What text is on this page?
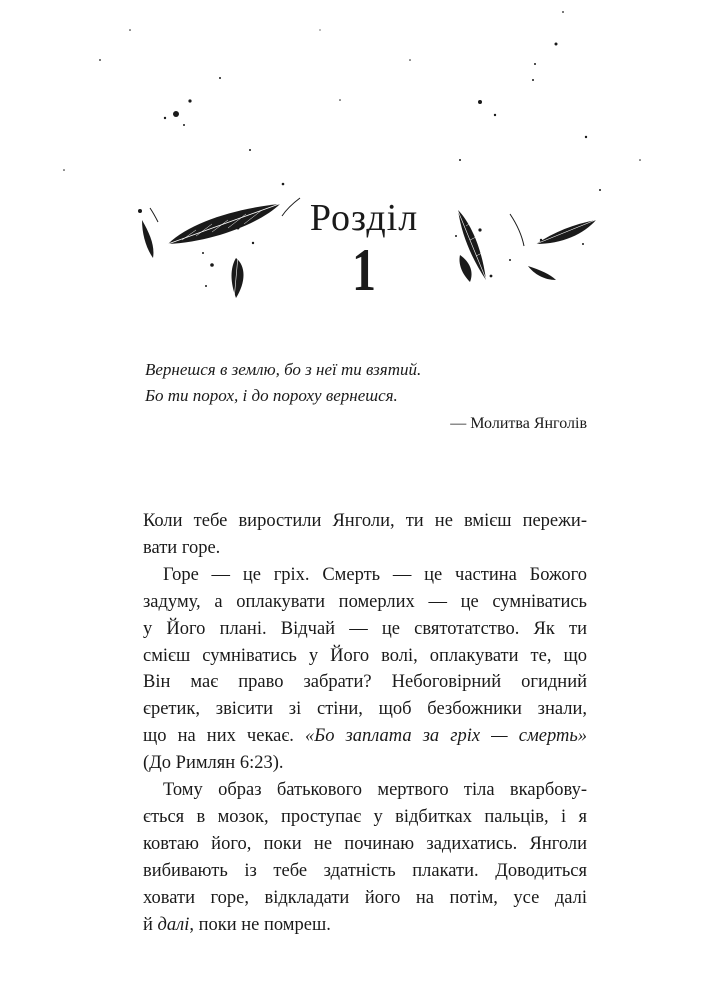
Розділ
1
Вернешся в землю, бо з неї ти взятий.
Бо ти порох, і до пороху вернешся.
— Молитва Янголів

Коли тебе виростили Янголи, ти не вмієш пережи-
вати горе.

Горе — це гріх. Смерть — це частина Божого
задуму, а оплакувати померлих — це сумніватись
у Його плані. Відчай — це святотатство. Як ти
смієш сумніватись у Його волі, оплакувати те, що
Він має право забрати? Небоговірний огидний
єретик, звісити зі стіни, щоб безбожники знали,
що на них чекає. «Бо заплата за гріх — смерть»
(До Римлян 6:23).

Тому образ батькового мертвого тіла вкарбову-
ється в мозок, проступає у відбитках пальців, і я
ковтаю його, поки не починаю задихатись. Янголи
вибивають із тебе здатність плакати. Доводиться
ховати горе, відкладати його на потім, усе далі
й далі, поки не помреш.
